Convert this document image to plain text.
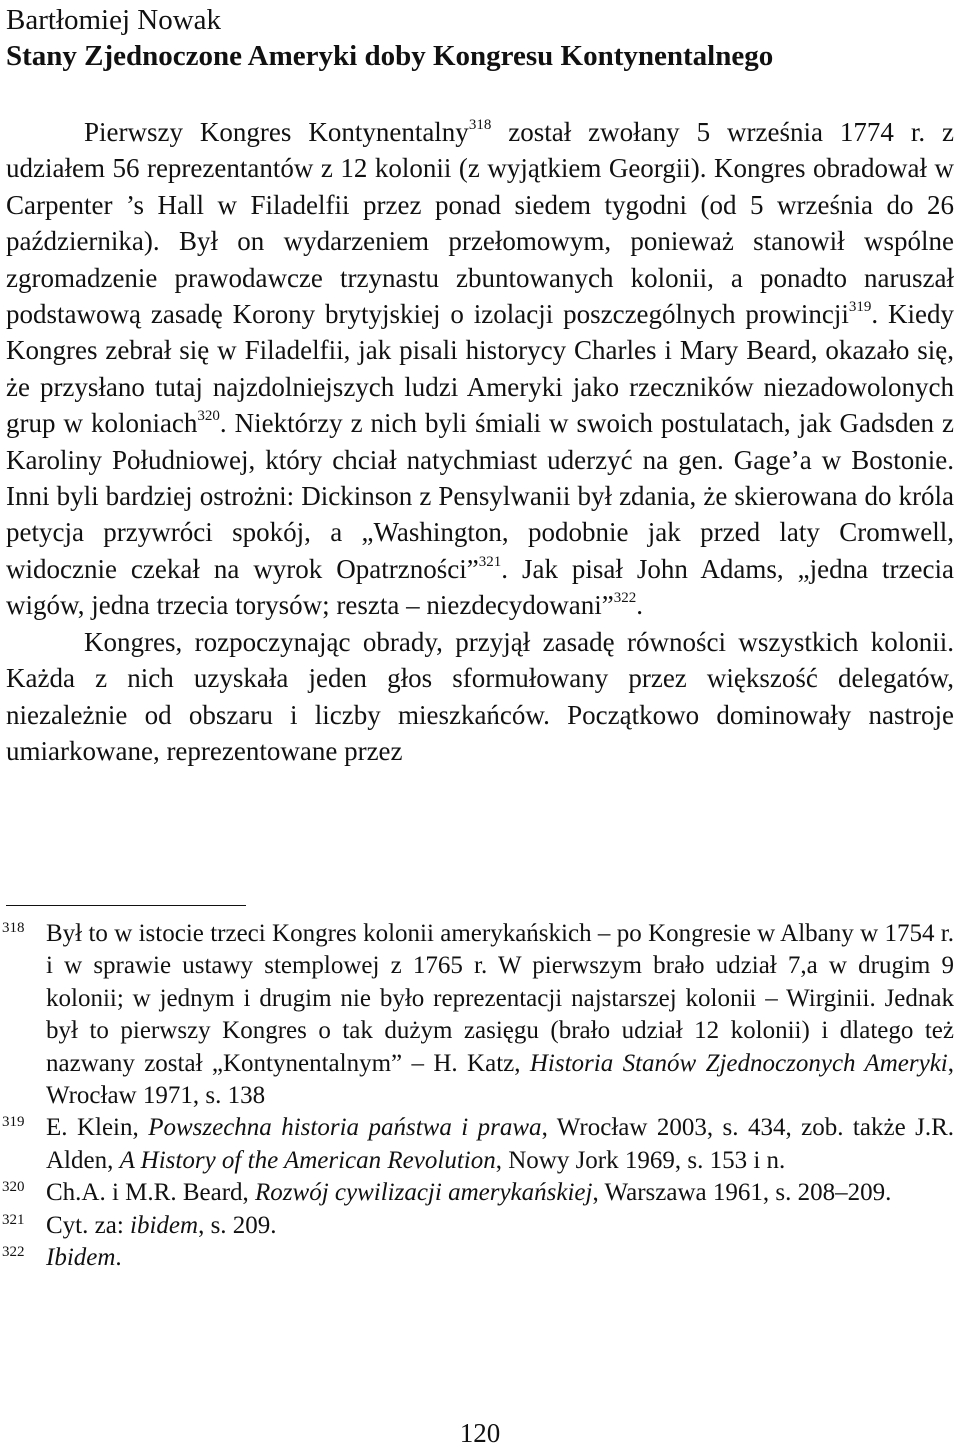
Bartłomiej Nowak
Stany Zjednoczone Ameryki doby Kongresu Kontynentalnego

Pierwszy Kongres Kontynentalny$^{318}$ został zwołany 5 września 1774 r. z udziałem 56 reprezentantów z 12 kolonii (z wyjątkiem Georgii). Kongres obradował w Carpenter ’s Hall w Filadelfii przez ponad siedem tygodni (od 5 września do 26 października). Był on wydarzeniem przełomowym, ponieważ stanowił wspólne zgromadzenie prawodawcze trzynastu zbuntowanych kolonii, a ponadto naruszał podstawową zasadę Korony brytyjskiej o izolacji poszczególnych prowincji$^{319}$. Kiedy Kongres zebrał się w Filadelfii, jak pisali historycy Charles i Mary Beard, okazało się, że przysłano tutaj najzdolniejszych ludzi Ameryki jako rzeczników niezadowolonych grup w koloniach$^{320}$. Niektórzy z nich byli śmiali w swoich postulatach, jak Gadsden z Karoliny Południowej, który chciał natychmiast uderzyć na gen. Gage’a w Bostonie. Inni byli bardziej ostrożni: Dickinson z Pensylwanii był zdania, że skierowana do króla petycja przywróci spokój, a „Washington, podobnie jak przed laty Cromwell, widocznie czekał na wyrok Opatrzności”$^{321}$. Jak pisał John Adams, „jedna trzecia wigów, jedna trzecia torysów; reszta – niezdecydowani”$^{322}$.

Kongres, rozpoczynając obrady, przyjął zasadę równości wszystkich kolonii. Każda z nich uzyskała jeden głos sformułowany przez większość delegatów, niezależnie od obszaru i liczby mieszkańców. Początkowo dominowały nastroje umiarkowane, reprezentowane przez

318 Był to w istocie trzeci Kongres kolonii amerykańskich – po Kongresie w Albany w 1754 r. i w sprawie ustawy stemplowej z 1765 r. W pierwszym brało udział 7,a w drugim 9 kolonii; w jednym i drugim nie było reprezentacji najstarszej kolonii – Wirginii. Jednak był to pierwszy Kongres o tak dużym zasięgu (brało udział 12 kolonii) i dlatego też nazwany został „Kontynentalnym” – H. Katz, Historia Stanów Zjednoczonych Ameryki, Wrocław 1971, s. 138
319 E. Klein, Powszechna historia państwa i prawa, Wrocław 2003, s. 434, zob. także J.R. Alden, A History of the American Revolution, Nowy Jork 1969, s. 153 i n.
320 Ch.A. i M.R. Beard, Rozwój cywilizacji amerykańskiej, Warszawa 1961, s. 208–209.
321 Cyt. za: ibidem, s. 209.
322 Ibidem.
120
